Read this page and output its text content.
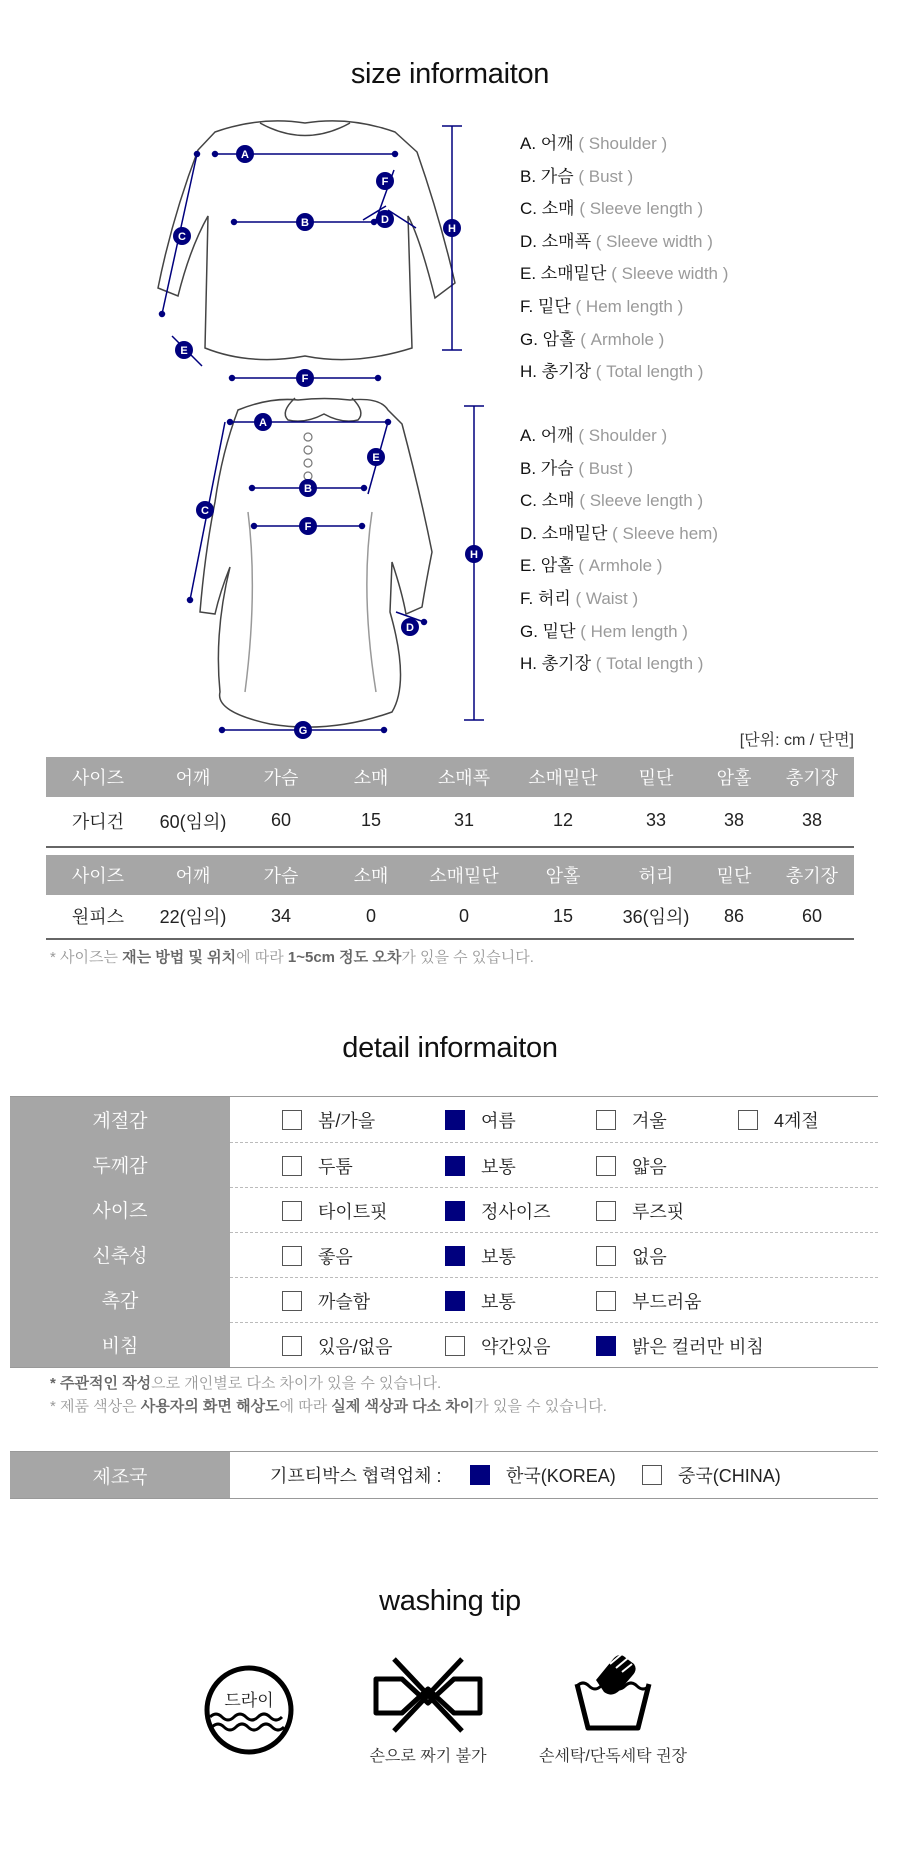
size informaiton
A
B
C
D
E
F
H
F
A. 어깨 ( Shoulder )
B. 가슴 ( Bust )
C. 소매 ( Sleeve length )
D. 소매폭 ( Sleeve width )
E. 소매밑단 ( Sleeve width )
F. 밑단 ( Hem length )
G. 암홀 ( Armhole )
H. 총기장 ( Total length )
A
B
C
D
E
F
G
H
A. 어깨 ( Shoulder )
B. 가슴 ( Bust )
C. 소매 ( Sleeve length )
D. 소매밑단 ( Sleeve hem)
E. 암홀 ( Armhole )
F. 허리 ( Waist )
G. 밑단 ( Hem length )
H. 총기장 ( Total length )
[단위: cm / 단면]
사이즈	어깨	가슴	소매	소매폭	소매밑단	밑단	암홀	총기장
가디건	60(임의)	60	15	31	12	33	38	38
사이즈	어깨	가슴	소매	소매밑단	암홀	허리	밑단	총기장
원피스	22(임의)	34	0	0	15	36(임의)	86	60
* 사이즈는 재는 방법 및 위치에 따라 1~5cm 정도 오차가 있을 수 있습니다.
detail informaiton
계절감	봄/가을	여름	겨울	4계절
두께감	두툼	보통	얇음
사이즈	타이트핏	정사이즈	루즈핏
신축성	좋음	보통	없음
촉감	까슬함	보통	부드러움
비침	있음/없음	약간있음	밝은 컬러만 비침
* 주관적인 작성으로 개인별로 다소 차이가 있을 수 있습니다.
* 제품 색상은 사용자의 화면 해상도에 따라 실제 색상과 다소 차이가 있을 수 있습니다.
제조국	기프티박스 협력업체 :	한국(KOREA)	중국(CHINA)
washing tip
드라이
손으로 짜기 불가	손세탁/단독세탁 권장
